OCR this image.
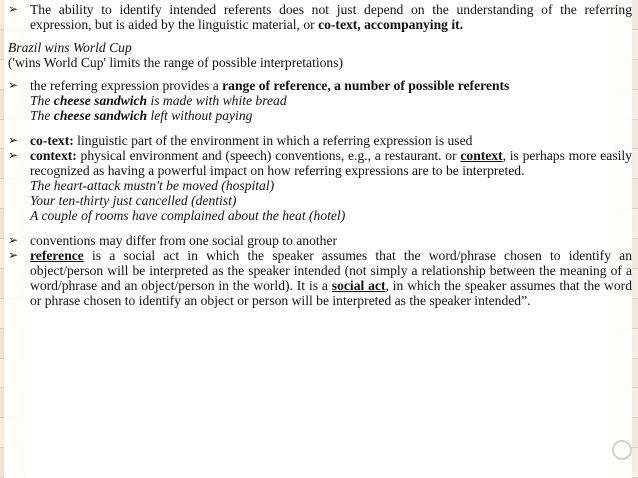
➢ The ability to identify intended referents does not just depend on the understanding of the referring expression, but is aided by the linguistic material, or co-text, accompanying it.

Brazil wins World Cup

('wins World Cup' limits the range of possible interpretations)

➢ the referring expression provides a range of reference, a number of possible referents

The cheese sandwich is made with white bread

The cheese sandwich left without paying

➢ co-text: linguistic part of the environment in which a referring expression is used
➢ context: physical environment and (speech) conventions, e.g., a restaurant. or context, is perhaps more easily recognized as having a powerful impact on how referring expressions are to be interpreted.

The heart-attack mustn't be moved (hospital)

Your ten-thirty just cancelled (dentist)

A couple of rooms have complained about the heat (hotel)

➢ conventions may differ from one social group to another
➢ reference is a social act in which the speaker assumes that the word/phrase chosen to identify an object/person will be interpreted as the speaker intended (not simply a relationship between the meaning of a word/phrase and an object/person in the world). It is a social act, in which the speaker assumes that the word or phrase chosen to identify an object or person will be interpreted as the speaker intended”.
